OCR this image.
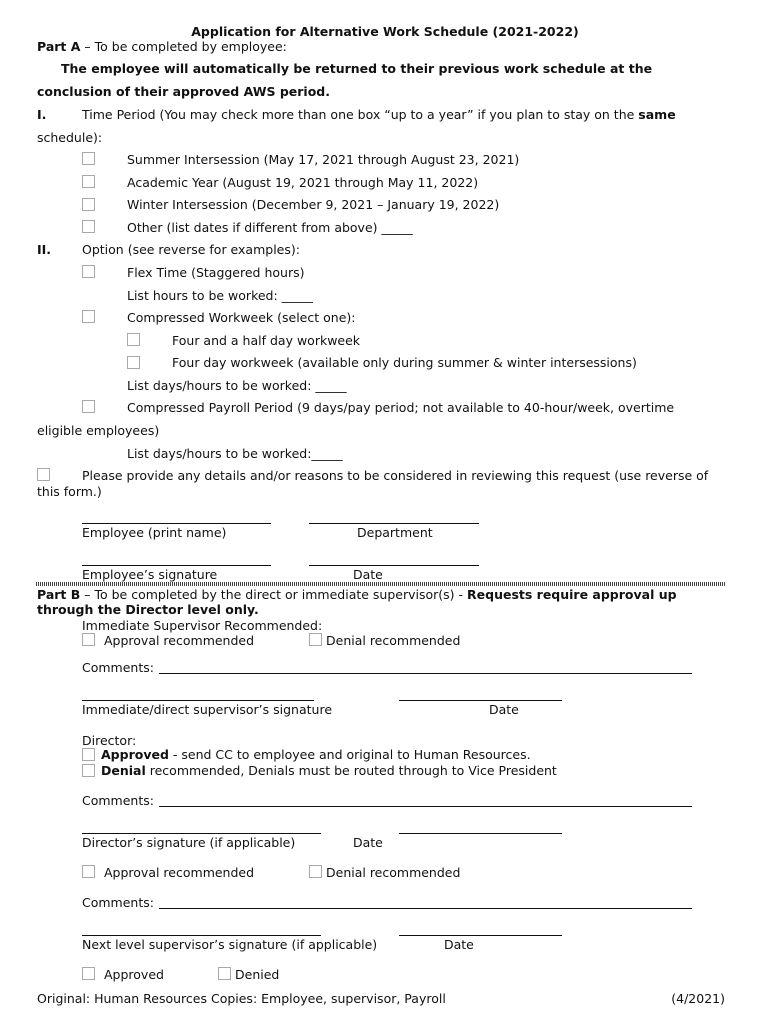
Application for Alternative Work Schedule (2021-2022)
Part A – To be completed by employee:
The employee will automatically be returned to their previous work schedule at the
conclusion of their approved AWS period.
I.	Time Period (You may check more than one box “up to a year” if you plan to stay on the same
schedule):
Summer Intersession (May 17, 2021 through August 23, 2021)
Academic Year (August 19, 2021 through May 11, 2022)
Winter Intersession (December 9, 2021 – January 19, 2022)
Other (list dates if different from above) _____
II. Option (see reverse for examples):
Flex Time (Staggered hours)
List hours to be worked: _____
Compressed Workweek (select one):
Four and a half day workweek
Four day workweek (available only during summer & winter intersessions)
List days/hours to be worked: _____
Compressed Payroll Period (9 days/pay period; not available to 40-hour/week, overtime
eligible employees)
List days/hours to be worked:_____
Please provide any details and/or reasons to be considered in reviewing this request (use reverse of
this form.)
Employee (print name)	Department
Employee’s signature	Date
Part B – To be completed by the direct or immediate supervisor(s) - Requests require approval up
through the Director level only.
Immediate Supervisor Recommended:
Approval recommended	Denial recommended
Comments:
Immediate/direct supervisor’s signature	Date
Director:
Approved - send CC to employee and original to Human Resources.
Denial recommended, Denials must be routed through to Vice President
Comments:
Director’s signature (if applicable)	Date
Approval recommended	Denial recommended
Comments:
Next level supervisor’s signature (if applicable)	Date
Approved	Denied
Original: Human Resources Copies: Employee, supervisor, Payroll	(4/2021)
